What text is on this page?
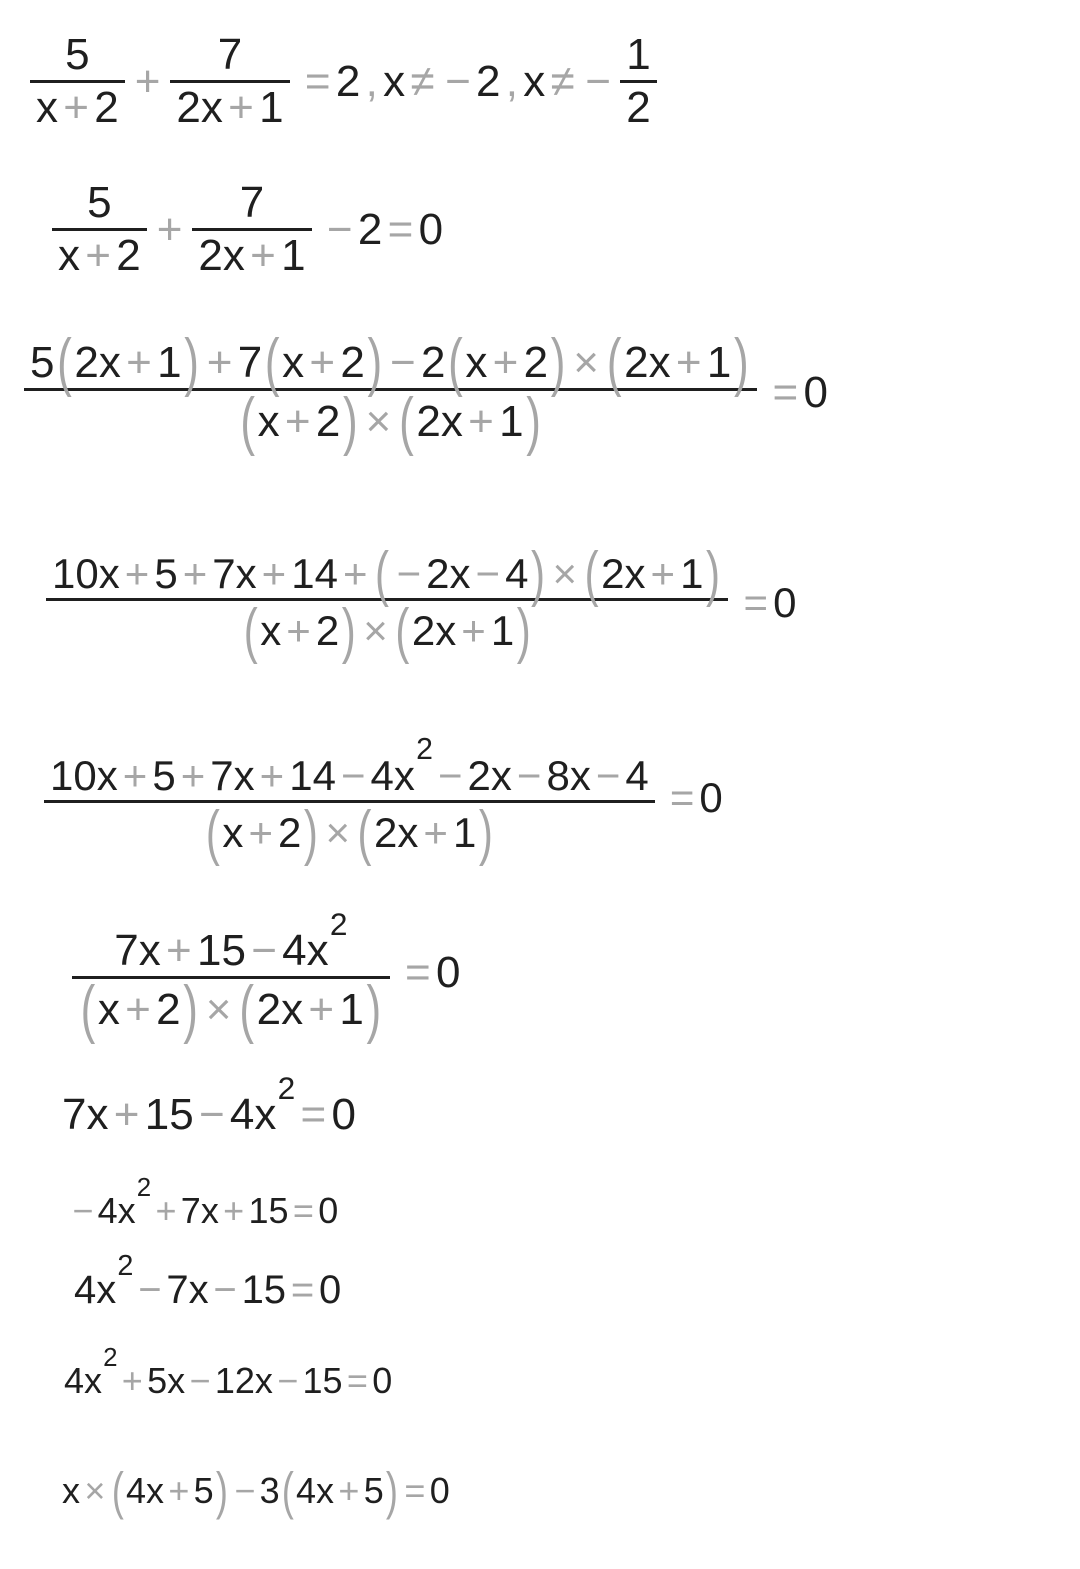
$\frac{5}{x + 2} + \frac{7}{2x + 1} = 2$ , x ≠ − 2 , x ≠ − $\frac{1}{2}$
$\frac{5}{x + 2} + \frac{7}{2x + 1} - 2 = 0$
5 ( 2x + 1 ) + 7 ( x + 2 ) − 2 ( x + 2 ) × ( 2x + 1 )
( x + 2 ) × ( 2x + 1 )	= 0
10x + 5 + 7x + 14 + ( − 2x − 4 ) × ( 2x + 1 )
( x + 2 ) × ( 2x + 1 )	= 0
10x + 5 + 7x + 14 − 4x
2
− 2x − 8x − 4
( x + 2 ) × ( 2x + 1 )
= 0
7x + 15 − 4x
2
( x + 2 ) × ( 2x + 1 )
= 0
7x + 15 − 4x
2
= 0
− 4x
2
+ 7x + 15 = 0
4x
2
− 7x − 15 = 0
4x
2
+ 5x − 12x − 15 = 0
x × ( 4x + 5 ) − 3 ( 4x + 5 ) = 0
